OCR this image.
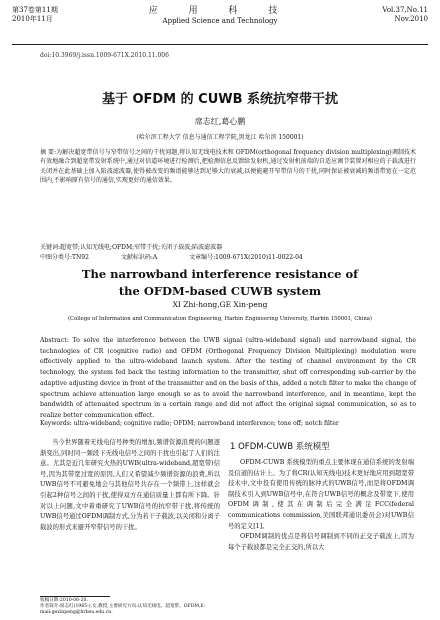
第37卷第11期
2010年11月
应 用 科 技
Applied Science and Technology
Vol.37,No.11
Nov.2010
doi:10.3969/j.issn.1009-671X.2010.11.006
基于 OFDM 的 CUWB 系统抗窄带干扰
席志红,葛心鹏
(哈尔滨工程大学 信息与通信工程学院,黑龙江 哈尔滨 150001)
摘 要:为解决超宽带信号与窄带信号之间的干扰问题,将认知无线电技术和 OFDM(orthogonal frequency division multiplexing)调制技术有效地融合到超宽带发射系统中,通过对信道环境进行检测后,把检测信息反馈给发射机,通过发射机前端的自适应调节装置对相应的子载波进行关闭并在此基础上加入陷波滤波器,使得被改变的频谱能够达到足够大的衰减,以便能避开窄带信号的干扰,同时保证被衰减的频谱带宽在一定范围内,不影响原有信号的通信,实现更好的通信效果。
关键词:超宽带;认知无线电;OFDM;窄带干扰;关闭子载波;陷波滤波器
中图分类号:TN92	文献标识码:A	文章编号:1009-671X(2010)11-0022-04
The narrowband interference resistance of
the OFDM-based CUWB system
XI Zhi-hong,GE Xin-peng
(College of Information and Communication Engineering, Harbin Engineering University, Harbin 150001, China)
Abstract: To solve the interference between the UWB signal (ultra-wideband signal) and narrowband signal, the technologies of CR (cognitive radio) and OFDM (Orthogonal Frequency Division Multiplexing) modulation were effectively applied to the ultra-wideband launch system. After the testing of channel environment by the CR technology, the system fed back the testing information to the transmitter, shut off corresponding sub-carrier by the adaptive adjusting device in front of the transmitter and on the basis of this, added a notch filter to make the change of spectrum achieve attenuation large enough so as to avoid the narrowband interference, and in meantime, kept the bandwidth of attenuated spectrum in a certain range and did not affect the original signal communication, so as to realize better communication effect.
Keywords: ultra-wideband; cognitive radio; OFDM; narrowband interference; tone off; notch filter
当今世界随着无线电信号种类的增加,频谱资源浪费的问题逐渐变出,同时同一频段下无线电信号之间的干扰也引起了人们的注意。尤其是近几年研究火热的UWB(ultra-wideband,超宽带)信号,因为其带宽过宽的原因,人们又希望减少频谱资源的浪费,所以UWB信号不可避免地会与其他信号共存在一个频带上,这样就会引起2种信号之间的干扰,使得双方在通信质量上都有所下降。针对以上问题,文中着重研究了UWB信号的抗窄带干扰,将传统的UWB信号通过OFDM调制方式,分为若干子载波,以关闭和分离子载波的形式来避开窄带信号的干扰。
1 OFDM-CUWB 系统模型

OFDM-CUWB 系统模型的重点主要体现在通信系统的发射端及信道的估计上。为了将CR(认知无线电)技术更好地应用到超宽带技术中,文中投有使用传统的脉冲式的UWB信号,而是将OFDM调制技术引入到UWB信号中,在符合UWB信号的概念及带宽下,使用OFDM调制,使其在调制后完全满足FCC(federal communications commission,美国联邦通讯委员会)对UWB信号的定义[1]。

OFDM调制的优点是将信号调制到不同的正交子载波上,因为每个子载波都是完全正交的,所以大

收稿日期:2010-06-20.
作者简介:席志红(1965-),女,教授,主要研究方向:认知无线电、超宽带、OFDM,E-mail:gexinpeng@hrbeu.edu.cn.
